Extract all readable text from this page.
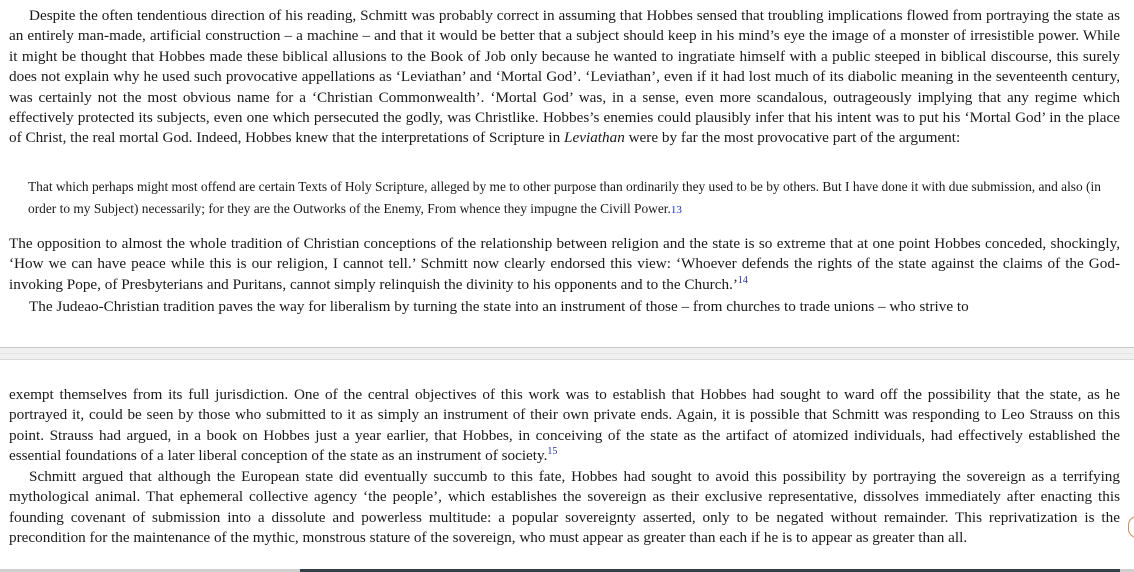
Despite the often tendentious direction of his reading, Schmitt was probably correct in assuming that Hobbes sensed that troubling implications flowed from portraying the state as an entirely man-made, artificial construction – a machine – and that it would be better that a subject should keep in his mind’s eye the image of a monster of irresistible power. While it might be thought that Hobbes made these biblical allusions to the Book of Job only because he wanted to ingratiate himself with a public steeped in biblical discourse, this surely does not explain why he used such provocative appellations as ‘Leviathan’ and ‘Mortal God’. ‘Leviathan’, even if it had lost much of its diabolic meaning in the seventeenth century, was certainly not the most obvious name for a ‘Christian Commonwealth’. ‘Mortal God’ was, in a sense, even more scandalous, outrageously implying that any regime which effectively protected its subjects, even one which persecuted the godly, was Christlike. Hobbes’s enemies could plausibly infer that his intent was to put his ‘Mortal God’ in the place of Christ, the real mortal God. Indeed, Hobbes knew that the interpretations of Scripture in Leviathan were by far the most provocative part of the argument:

That which perhaps might most offend are certain Texts of Holy Scripture, alleged by me to other purpose than ordinarily they used to be by others. But I have done it with due submission, and also (in order to my Subject) necessarily; for they are the Outworks of the Enemy, From whence they impugne the Civill Power.13

The opposition to almost the whole tradition of Christian conceptions of the relationship between religion and the state is so extreme that at one point Hobbes conceded, shockingly, ‘How we can have peace while this is our religion, I cannot tell.’ Schmitt now clearly endorsed this view: ‘Whoever defends the rights of the state against the claims of the God-invoking Pope, of Presbyterians and Puritans, cannot simply relinquish the divinity to his opponents and to the Church.’$^{14}$

The Judeao-Christian tradition paves the way for liberalism by turning the state into an instrument of those – from churches to trade unions – who strive to

exempt themselves from its full jurisdiction. One of the central objectives of this work was to establish that Hobbes had sought to ward off the possibility that the state, as he portrayed it, could be seen by those who submitted to it as simply an instrument of their own private ends. Again, it is possible that Schmitt was responding to Leo Strauss on this point. Strauss had argued, in a book on Hobbes just a year earlier, that Hobbes, in conceiving of the state as the artifact of atomized individuals, had effectively established the essential foundations of a later liberal conception of the state as an instrument of society.$^{15}$

Schmitt argued that although the European state did eventually succumb to this fate, Hobbes had sought to avoid this possibility by portraying the sovereign as a terrifying mythological animal. That ephemeral collective agency ‘the people’, which establishes the sovereign as their exclusive representative, dissolves immediately after enacting this founding covenant of submission into a dissolute and powerless multitude: a popular sovereignty asserted, only to be negated without remainder. This reprivatization is the precondition for the maintenance of the mythic, monstrous stature of the sovereign, who must appear as greater than each if he is to appear as greater than all.
